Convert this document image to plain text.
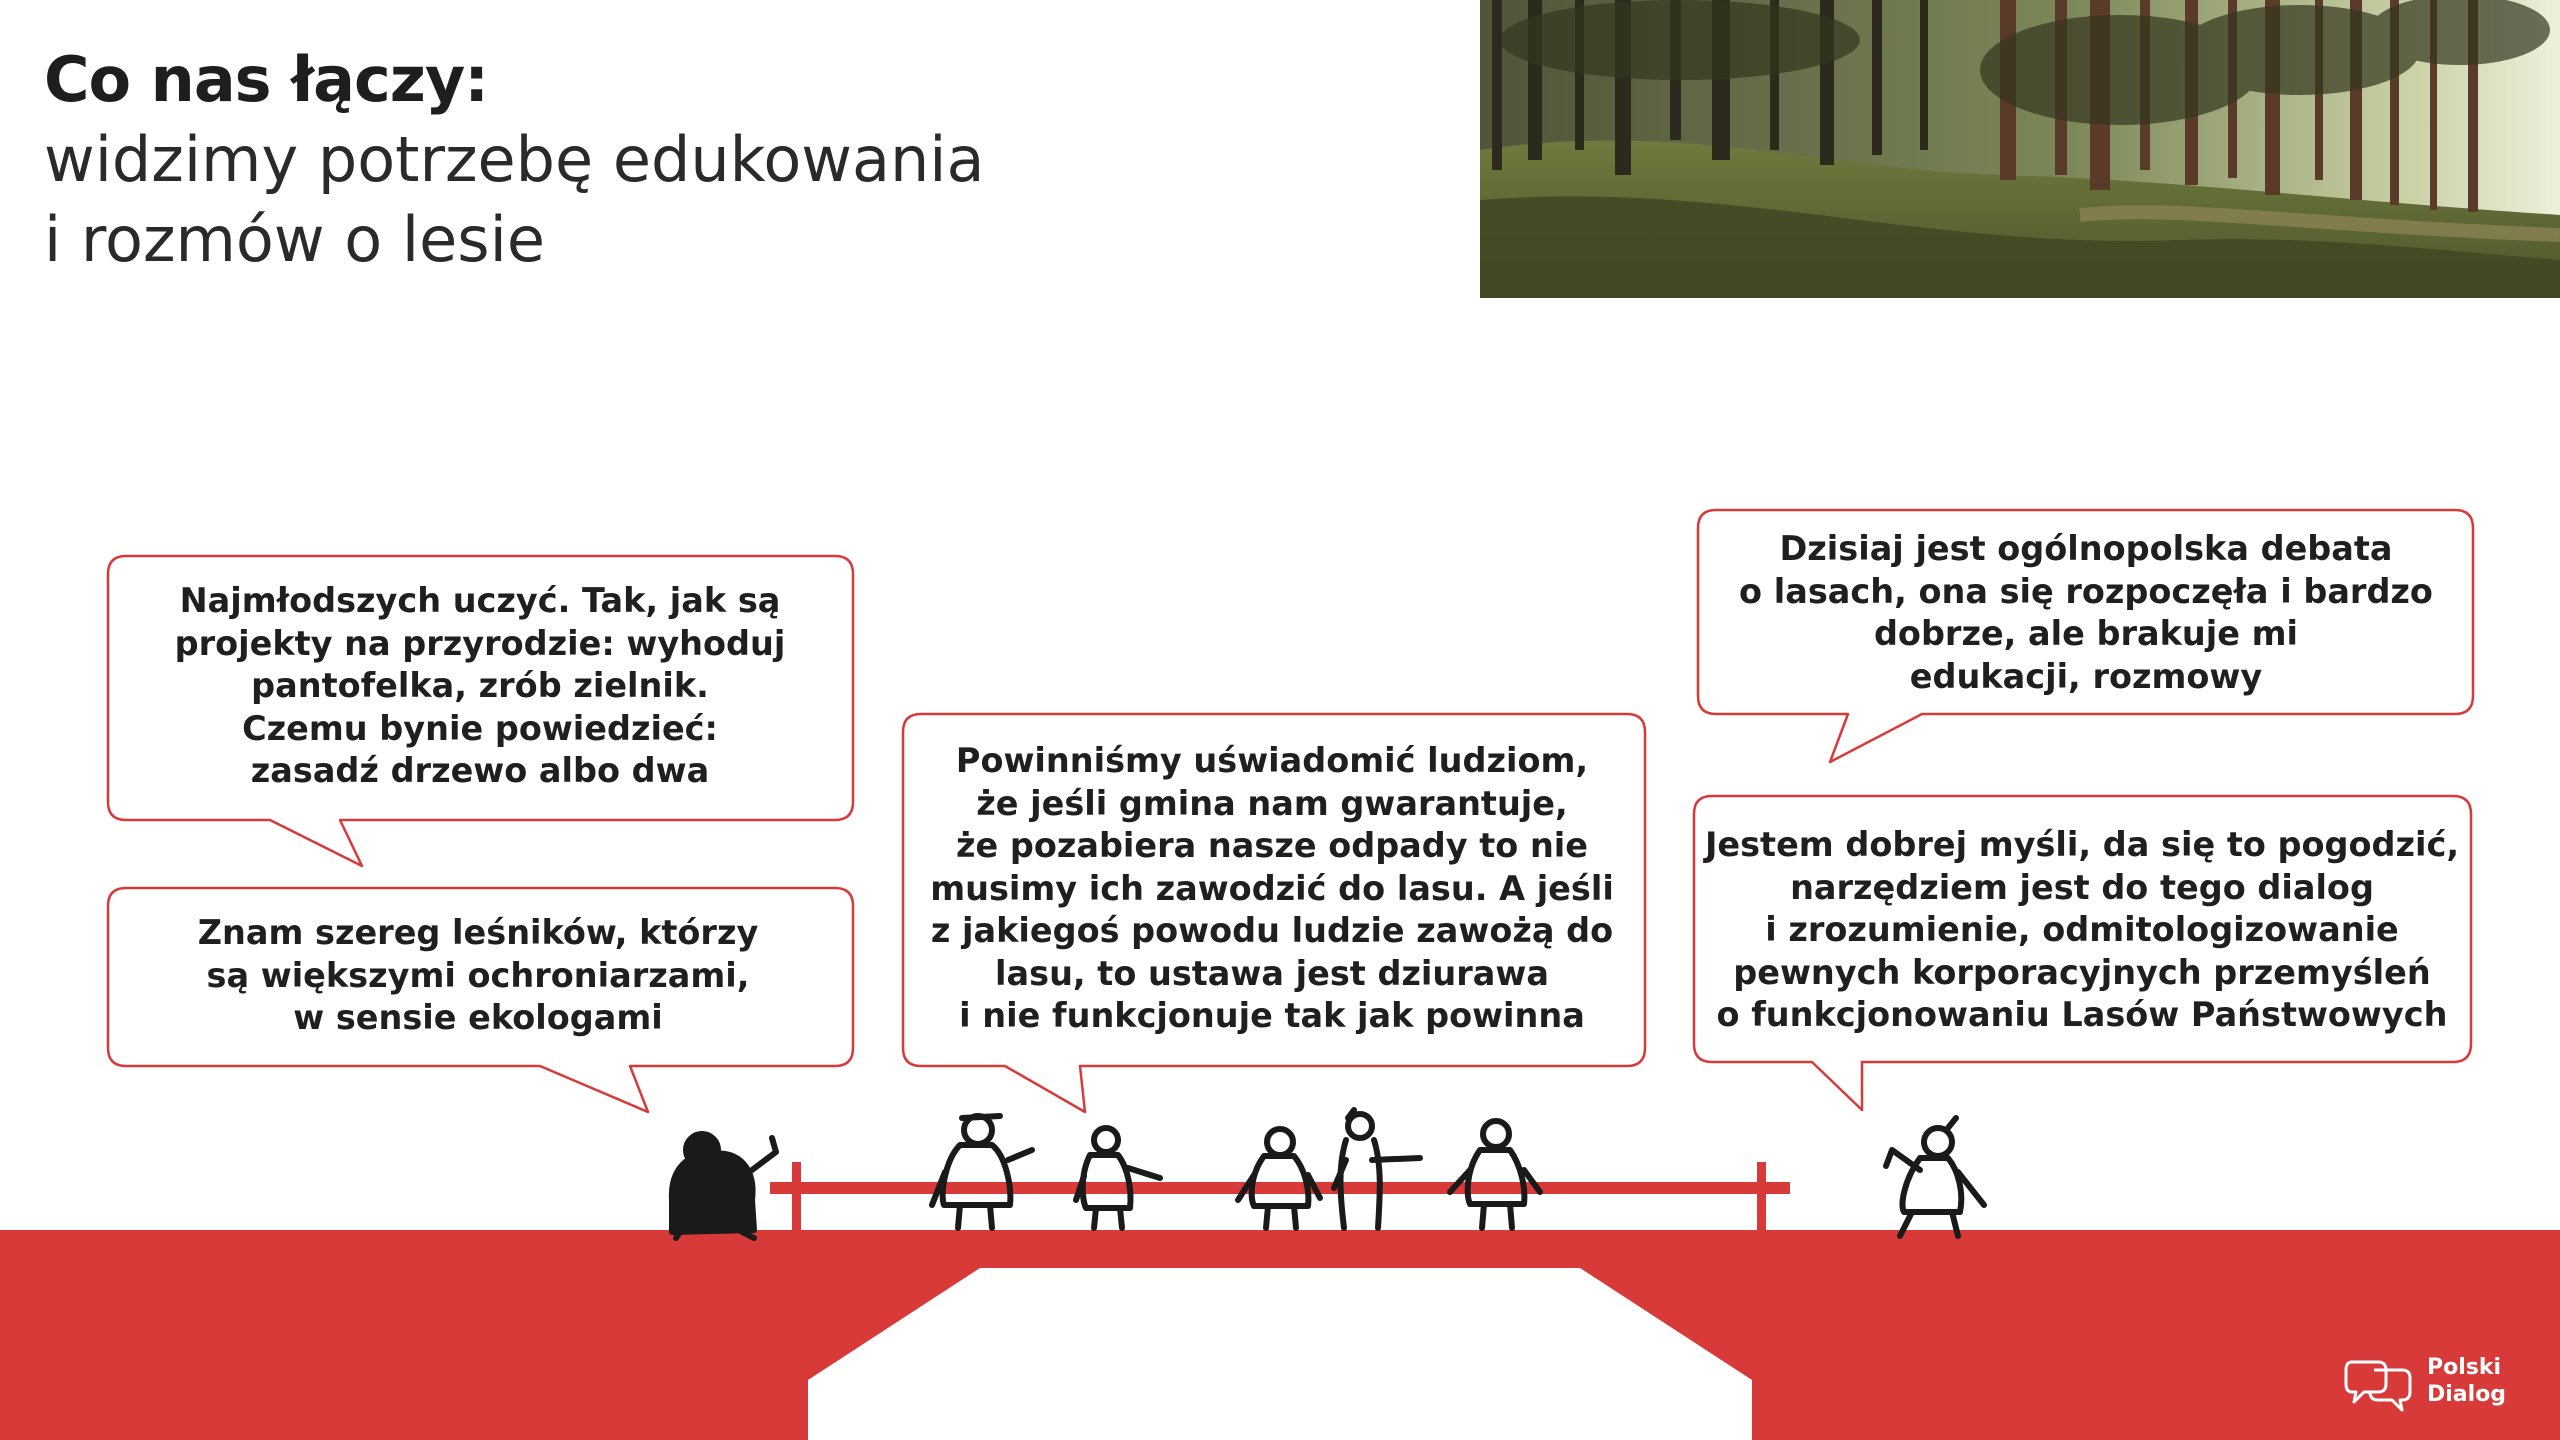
Co nas łączy:
widzimy potrzebę edukowania
i rozmów o lesie
Najmłodszych uczyć. Tak, jak są
projekty na przyrodzie: wyhoduj
pantofelka, zrób zielnik.
Czemu bynie powiedzieć:
zasadź drzewo albo dwa
Znam szereg leśników, którzy
są większymi ochroniarzami,
w sensie ekologami
Powinniśmy uświadomić ludziom,
że jeśli gmina nam gwarantuje,
że pozabiera nasze odpady to nie
musimy ich zawodzić do lasu. A jeśli
z jakiegoś powodu ludzie zawożą do
lasu, to ustawa jest dziurawa
i nie funkcjonuje tak jak powinna
Dzisiaj jest ogólnopolska debata
o lasach, ona się rozpoczęła i bardzo
dobrze, ale brakuje mi
edukacji, rozmowy
Jestem dobrej myśli, da się to pogodzić,
narzędziem jest do tego dialog
i zrozumienie, odmitologizowanie
pewnych korporacyjnych przemyśleń
o funkcjonowaniu Lasów Państwowych
Polski
Dialog
